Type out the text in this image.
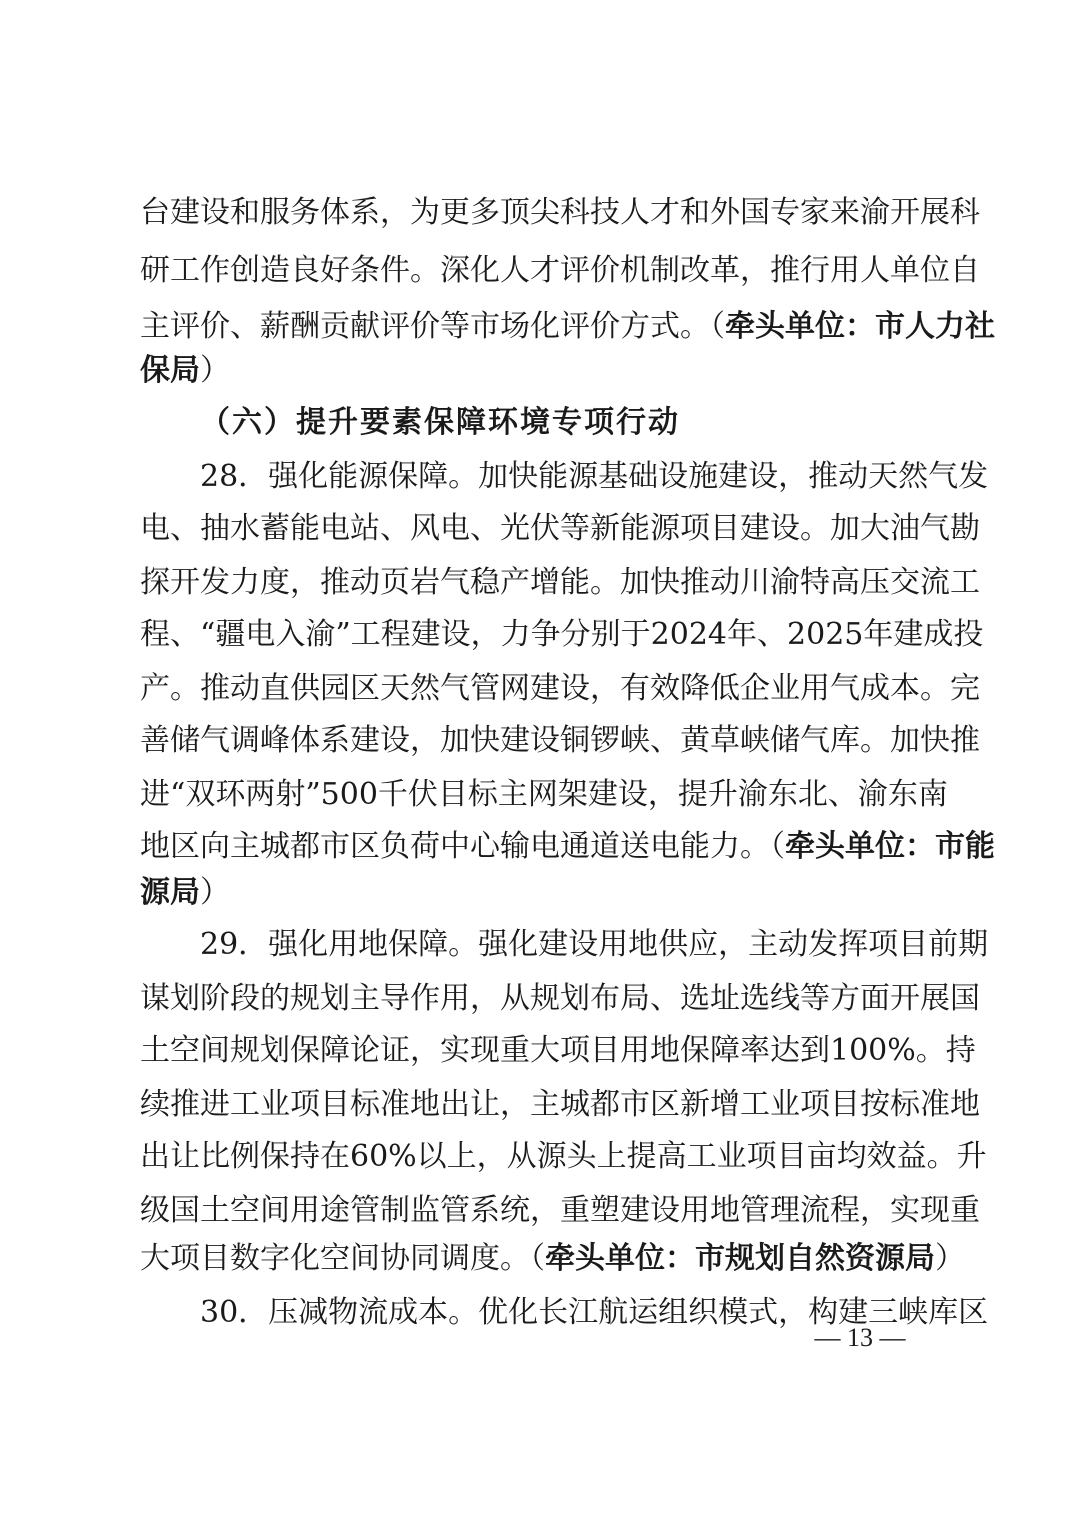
台建设和服务体系，为更多顶尖科技人才和外国专家来渝开展科
研工作创造良好条件。深化人才评价机制改革，推行用人单位自
主评价、薪酬贡献评价等市场化评价方式。（牵头单位：市人力社
保局）
（六）提升要素保障环境专项行动
28．强化能源保障。加快能源基础设施建设，推动天然气发
电、抽水蓄能电站、风电、光伏等新能源项目建设。加大油气勘
探开发力度，推动页岩气稳产增能。加快推动川渝特高压交流工
程、“疆电入渝”工程建设，力争分别于2024年、2025年建成投
产。推动直供园区天然气管网建设，有效降低企业用气成本。完
善储气调峰体系建设，加快建设铜锣峡、黄草峡储气库。加快推
进“双环两射”500千伏目标主网架建设，提升渝东北、渝东南
地区向主城都市区负荷中心输电通道送电能力。（牵头单位：市能
源局）
29．强化用地保障。强化建设用地供应，主动发挥项目前期
谋划阶段的规划主导作用，从规划布局、选址选线等方面开展国
土空间规划保障论证，实现重大项目用地保障率达到100%。持
续推进工业项目标准地出让，主城都市区新增工业项目按标准地
出让比例保持在60%以上，从源头上提高工业项目亩均效益。升
级国土空间用途管制监管系统，重塑建设用地管理流程，实现重
大项目数字化空间协同调度。（牵头单位：市规划自然资源局）
30．压减物流成本。优化长江航运组织模式，构建三峡库区
— 13 —
